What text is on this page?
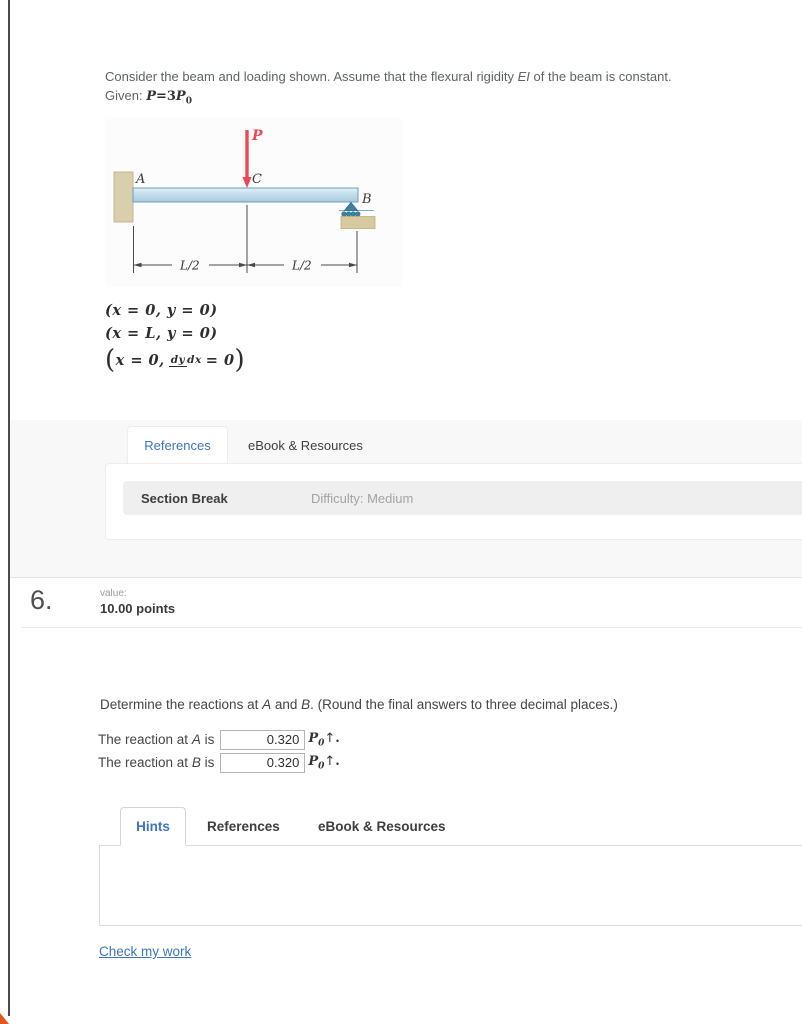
Consider the beam and loading shown. Assume that the flexural rigidity EI of the beam is constant.
Given: $P=3P_0$
P
A	C
B
L/2	L/2
(x = 0, y = 0)
(x = L, y = 0)
( x = 0, dy dx = 0 )
References	eBook & Resources
Section Break	Difficulty: Medium
6.	value:
10.00 points
Determine the reactions at A and B. (Round the final answers to three decimal places.)
The reaction at A is
0.320	$P_0↑$.
The reaction at B is
0.320	$P_0↑$.
Hints	References	eBook & Resources
Check my work
